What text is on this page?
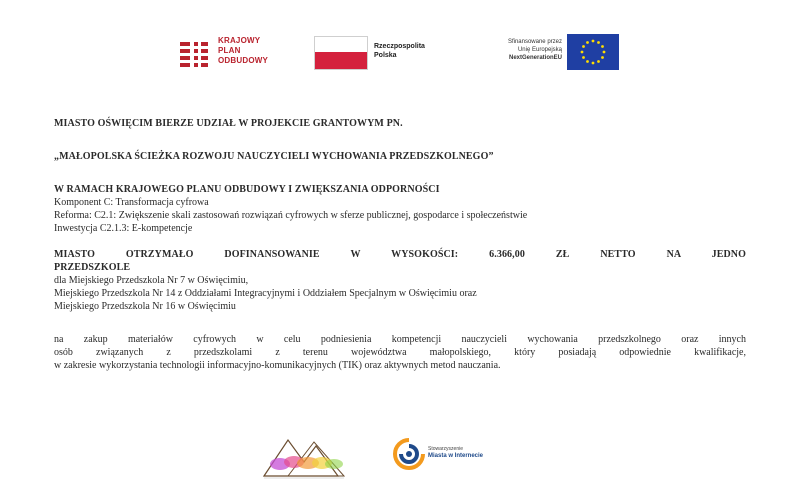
KRAJOWY
PLAN
ODBUDOWY
Rzeczpospolita
Polska
Sfinansowane przez
Unię Europejską
NextGenerationEU

MIASTO OŚWIĘCIM BIERZE UDZIAŁ W PROJEKCIE GRANTOWYM PN.

„MAŁOPOLSKA ŚCIEŻKA ROZWOJU NAUCZYCIELI WYCHOWANIA PRZEDSZKOLNEGO”

W RAMACH KRAJOWEGO PLANU ODBUDOWY I ZWIĘKSZANIA ODPORNOŚCI

Komponent C: Transformacja cyfrowa

Reforma: C2.1: Zwiększenie skali zastosowań rozwiązań cyfrowych w sferze publicznej, gospodarce i społeczeństwie

Inwestycja C2.1.3: E-kompetencje

MIASTO OTRZYMAŁO DOFINANSOWANIE W WYSOKOŚCI: 6.366,00 ZŁ NETTO NA JEDNO

PRZEDSZKOLE

dla Miejskiego Przedszkola Nr 7 w Oświęcimiu,

Miejskiego Przedszkola Nr 14 z Oddziałami Integracyjnymi i Oddziałem Specjalnym w Oświęcimiu oraz

Miejskiego Przedszkola Nr 16 w Oświęcimiu

na zakup materiałów cyfrowych w celu podniesienia kompetencji nauczycieli wychowania przedszkolnego oraz innych

osób związanych z przedszkolami z terenu województwa małopolskiego, który posiadają odpowiednie kwalifikacje,

w zakresie wykorzystania technologii informacyjno-komunikacyjnych (TIK) oraz aktywnych metod nauczania.

Stowarzyszenie
Miasta w Internecie
